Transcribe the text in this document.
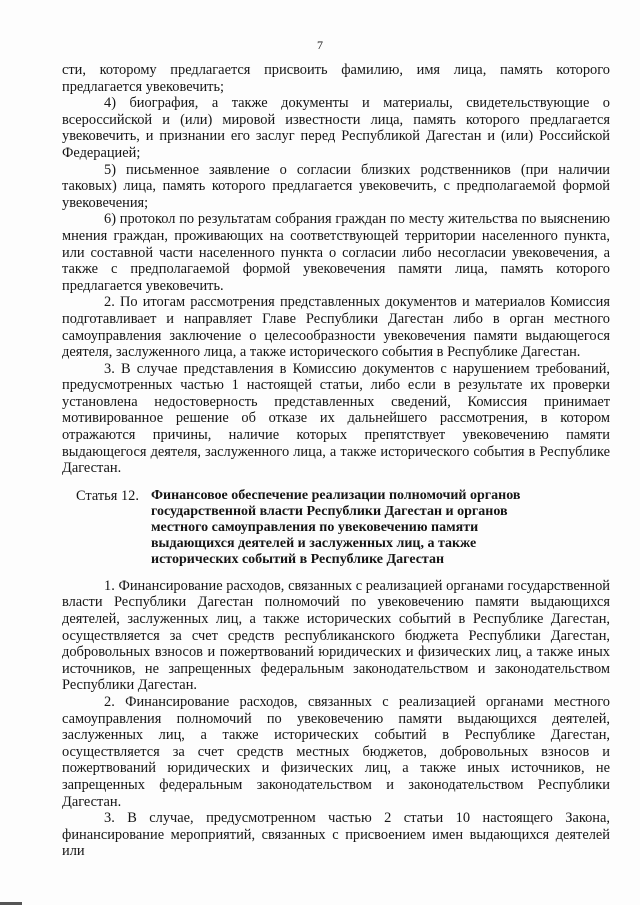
7

сти, которому предлагается присвоить фамилию, имя лица, память которого предлагается увековечить;

4) биография, а также документы и материалы, свидетельствующие о всероссийской и (или) мировой известности лица, память которого предлагается увековечить, и признании его заслуг перед Республикой Дагестан и (или) Российской Федерацией;

5) письменное заявление о согласии близких родственников (при наличии таковых) лица, память которого предлагается увековечить, с предполагаемой формой увековечения;

6) протокол по результатам собрания граждан по месту жительства по выяснению мнения граждан, проживающих на соответствующей территории населенного пункта, или составной части населенного пункта о согласии либо несогласии увековечения, а также с предполагаемой формой увековечения памяти лица, память которого предлагается увековечить.

2. По итогам рассмотрения представленных документов и материалов Комиссия подготавливает и направляет Главе Республики Дагестан либо в орган местного самоуправления заключение о целесообразности увековечения памяти выдающегося деятеля, заслуженного лица, а также исторического события в Республике Дагестан.

3. В случае представления в Комиссию документов с нарушением требований, предусмотренных частью 1 настоящей статьи, либо если в результате их проверки установлена недостоверность представленных сведений, Комиссия принимает мотивированное решение об отказе их дальнейшего рассмотрения, в котором отражаются причины, наличие которых препятствует увековечению памяти выдающегося деятеля, заслуженного лица, а также исторического события в Республике Дагестан.

Статья 12. Финансовое обеспечение реализации полномочий органов государственной власти Республики Дагестан и органов местного самоуправления по увековечению памяти выдающихся деятелей и заслуженных лиц, а также исторических событий в Республике Дагестан

1. Финансирование расходов, связанных с реализацией органами государственной власти Республики Дагестан полномочий по увековечению памяти выдающихся деятелей, заслуженных лиц, а также исторических событий в Республике Дагестан, осуществляется за счет средств республиканского бюджета Республики Дагестан, добровольных взносов и пожертвований юридических и физических лиц, а также иных источников, не запрещенных федеральным законодательством и законодательством Республики Дагестан.

2. Финансирование расходов, связанных с реализацией органами местного самоуправления полномочий по увековечению памяти выдающихся деятелей, заслуженных лиц, а также исторических событий в Республике Дагестан, осуществляется за счет средств местных бюджетов, добровольных взносов и пожертвований юридических и физических лиц, а также иных источников, не запрещенных федеральным законодательством и законодательством Республики Дагестан.

3. В случае, предусмотренном частью 2 статьи 10 настоящего Закона, финансирование мероприятий, связанных с присвоением имен выдающихся деятелей или
